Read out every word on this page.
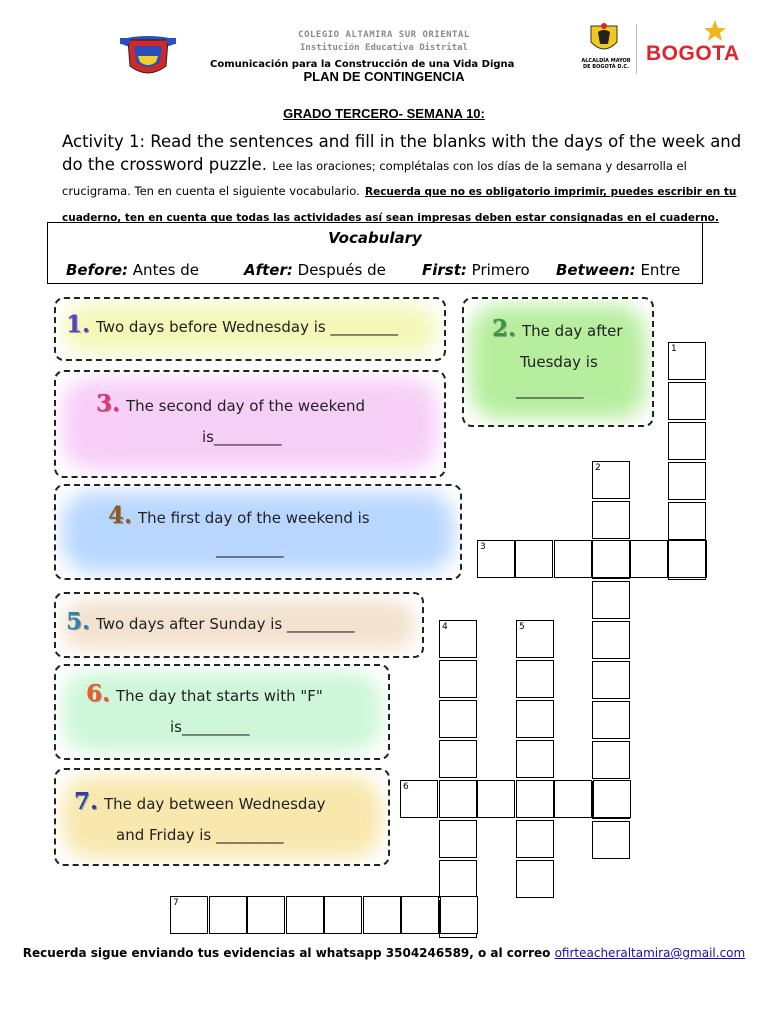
COLEGIO ALTAMIRA SUR ORIENTAL
Institución Educativa Distrital
Comunicación para la Construcción de una Vida Digna
PLAN DE CONTINGENCIA
ALCALDÍA MAYOR DE BOGOTÁ D.C.
BOGOTA
GRADO TERCERO- SEMANA 10:
Activity 1: Read the sentences and fill in the blanks with the days of the week and do the crossword puzzle. Lee las oraciones; complétalas con los días de la semana y desarrolla el crucigrama. Ten en cuenta el siguiente vocabulario. Recuerda que no es obligatorio imprimir, puedes escribir en tu cuaderno, ten en cuenta que todas las actividades así sean impresas deben estar consignadas en el cuaderno.
Vocabulary
Before: Antes de	After: Después de First: Primero Between: Entre
1. Two days before Wednesday is _________	2. The day after
Tuesday is
_________
3. The second day of the weekend
is_________
4. The first day of the weekend is
_________
5. Two days after Sunday is _________
6. The day that starts with "F"
is_________
7. The day between Wednesday
and Friday is _________
1
2
3
4	5
6
7
Recuerda sigue enviando tus evidencias al whatsapp 3504246589, o al correo ofirteacheraltamira@gmail.com
